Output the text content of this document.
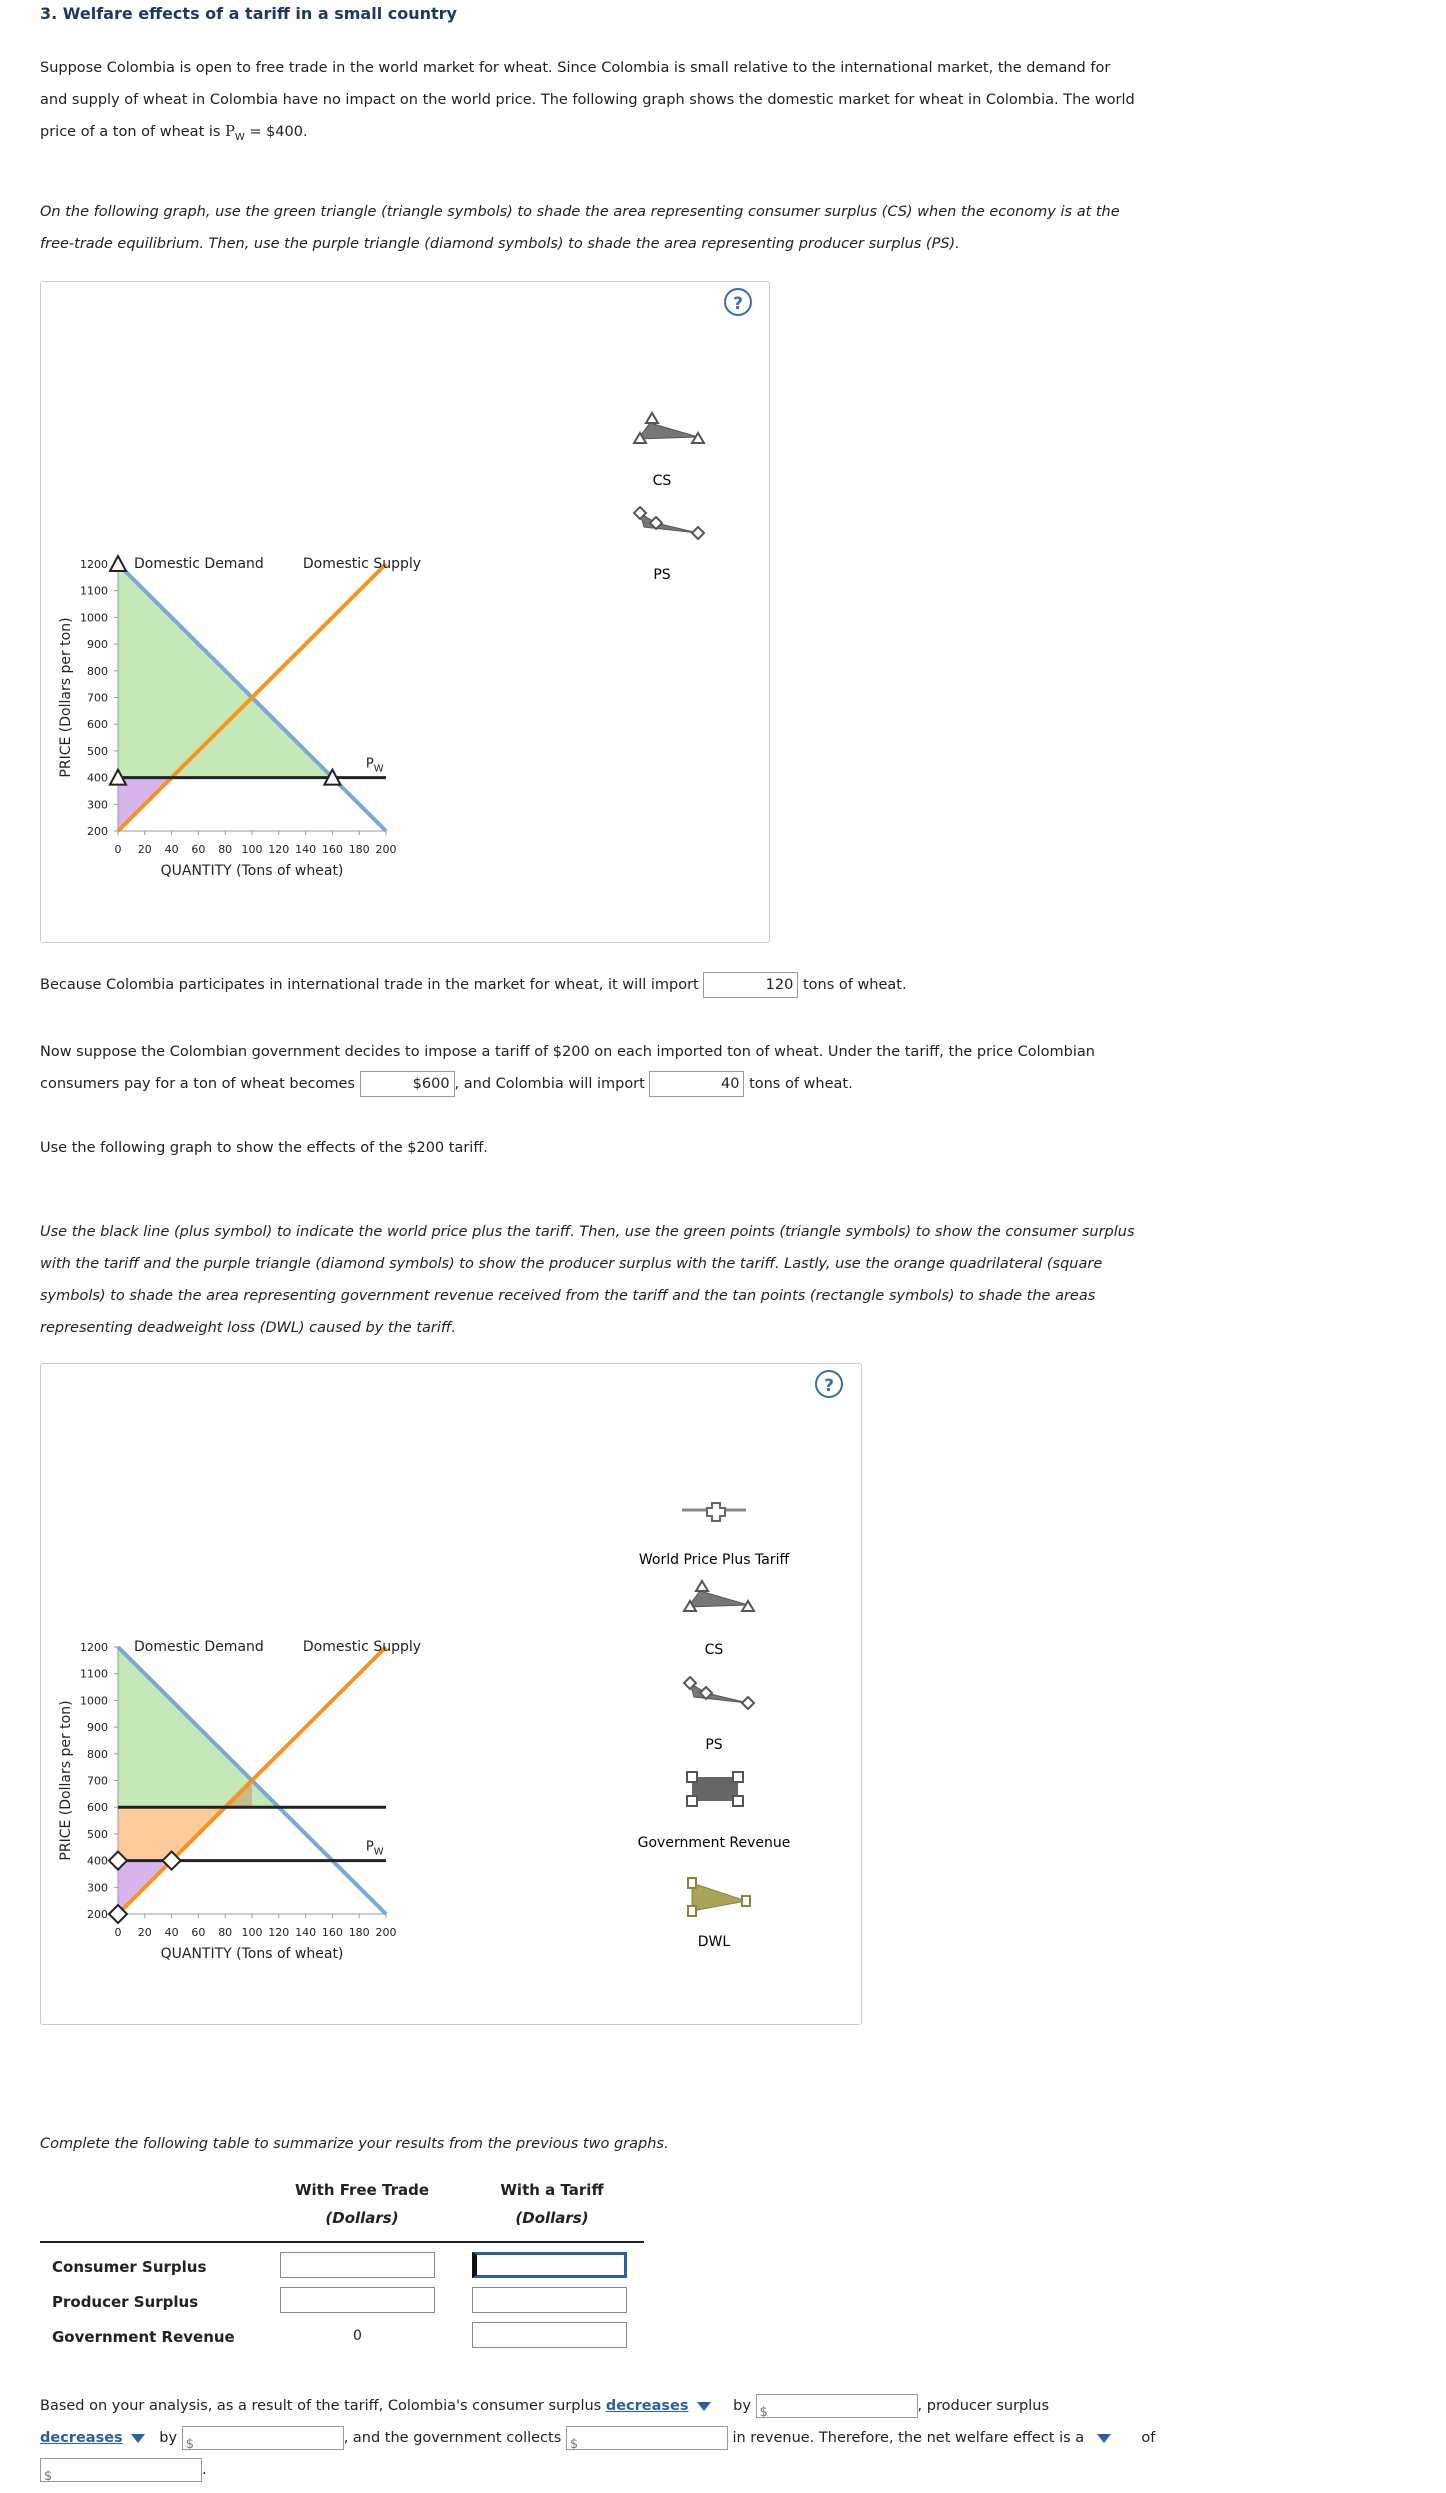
3. Welfare effects of a tariff in a small country
Suppose Colombia is open to free trade in the world market for wheat. Since Colombia is small relative to the international market, the demand for
and supply of wheat in Colombia have no impact on the world price. The following graph shows the domestic market for wheat in Colombia. The world
price of a ton of wheat is $P_W$ = $400.
On the following graph, use the green triangle (triangle symbols) to shade the area representing consumer surplus (CS) when the economy is at the
free-trade equilibrium. Then, use the purple triangle (diamond symbols) to shade the area representing producer surplus (PS).
?
200
300
400
500
600
700
800
900
1000
1100
1200
0 20 40 60 80 100 120 140 160 180 200
$P_W$
Domestic Demand	Domestic Supply
QUANTITY (Tons of wheat)
PRICE (Dollars per ton)
CS
PS
Because Colombia participates in international trade in the market for wheat, it will import	120 tons of wheat.
Now suppose the Colombian government decides to impose a tariff of $200 on each imported ton of wheat. Under the tariff, the price Colombian
consumers pay for a ton of wheat becomes	$600 , and Colombia will import	40 tons of wheat.
Use the following graph to show the effects of the $200 tariff.
Use the black line (plus symbol) to indicate the world price plus the tariff. Then, use the green points (triangle symbols) to show the consumer surplus
with the tariff and the purple triangle (diamond symbols) to show the producer surplus with the tariff. Lastly, use the orange quadrilateral (square
symbols) to shade the area representing government revenue received from the tariff and the tan points (rectangle symbols) to shade the areas
representing deadweight loss (DWL) caused by the tariff.
?
200
300
400
500
600
700
800
900
1000
1100
1200
0 20 40 60 80 100 120 140 160 180 200
$P_W$
Domestic Demand	Domestic Supply
QUANTITY (Tons of wheat)
PRICE (Dollars per ton)
World Price Plus Tariff
CS
PS
Government Revenue
DWL
Complete the following table to summarize your results from the previous two graphs.
With Free Trade
(Dollars)
With a Tariff
(Dollars)
Consumer Surplus
Producer Surplus
Government Revenue	0
Based on your analysis, as a result of the tariff, Colombia's consumer surplus decreases	by $	, producer surplus
decreases	by $	, and the government collects $	in revenue. Therefore, the net welfare effect is a	of
$	.
